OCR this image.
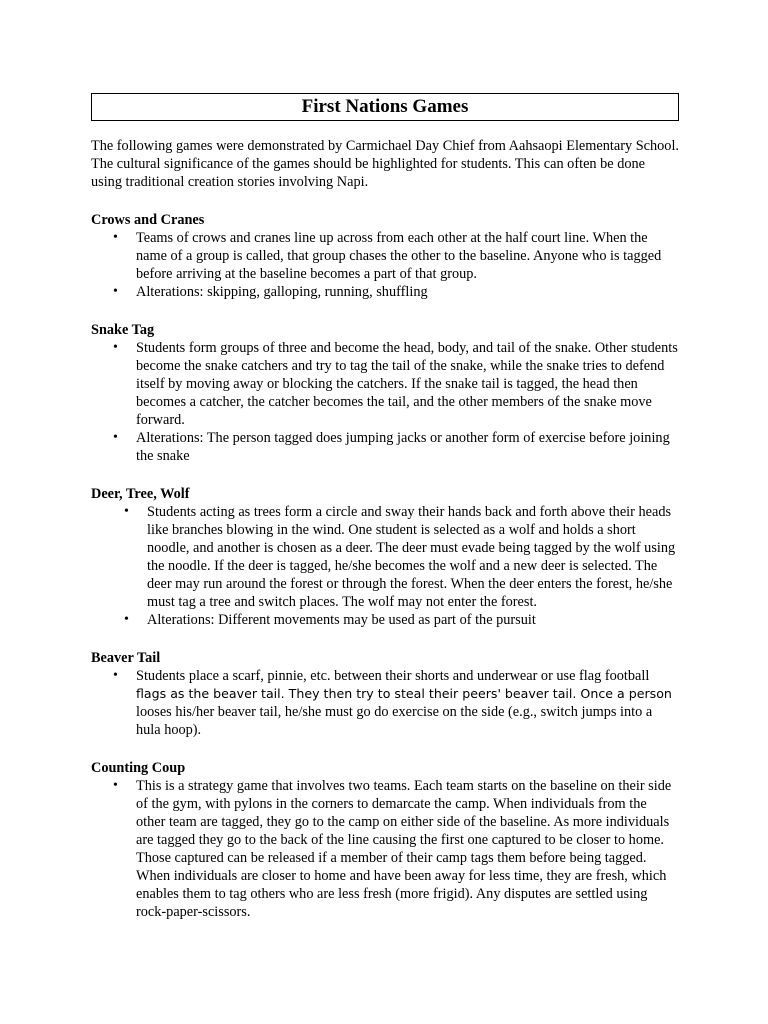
First Nations Games

The following games were demonstrated by Carmichael Day Chief from Aahsaopi Elementary School. The cultural significance of the games should be highlighted for students. This can often be done using traditional creation stories involving Napi.

Crows and Cranes

• Teams of crows and cranes line up across from each other at the half court line. When the name of a group is called, that group chases the other to the baseline. Anyone who is tagged before arriving at the baseline becomes a part of that group.
• Alterations: skipping, galloping, running, shuffling

Snake Tag

• Students form groups of three and become the head, body, and tail of the snake. Other students become the snake catchers and try to tag the tail of the snake, while the snake tries to defend itself by moving away or blocking the catchers. If the snake tail is tagged, the head then becomes a catcher, the catcher becomes the tail, and the other members of the snake move forward.
• Alterations: The person tagged does jumping jacks or another form of exercise before joining the snake

Deer, Tree, Wolf

• Students acting as trees form a circle and sway their hands back and forth above their heads like branches blowing in the wind. One student is selected as a wolf and holds a short noodle, and another is chosen as a deer. The deer must evade being tagged by the wolf using the noodle. If the deer is tagged, he/she becomes the wolf and a new deer is selected. The deer may run around the forest or through the forest. When the deer enters the forest, he/she must tag a tree and switch places. The wolf may not enter the forest.
• Alterations: Different movements may be used as part of the pursuit

Beaver Tail

• Students place a scarf, pinnie, etc. between their shorts and underwear or use flag football flags as the beaver tail. They then try to steal their peers' beaver tail. Once a person looses his/her beaver tail, he/she must go do exercise on the side (e.g., switch jumps into a hula hoop).

Counting Coup

• This is a strategy game that involves two teams. Each team starts on the baseline on their side of the gym, with pylons in the corners to demarcate the camp. When individuals from the other team are tagged, they go to the camp on either side of the baseline. As more individuals are tagged they go to the back of the line causing the first one captured to be closer to home. Those captured can be released if a member of their camp tags them before being tagged. When individuals are closer to home and have been away for less time, they are fresh, which enables them to tag others who are less fresh (more frigid). Any disputes are settled using rock-paper-scissors.
